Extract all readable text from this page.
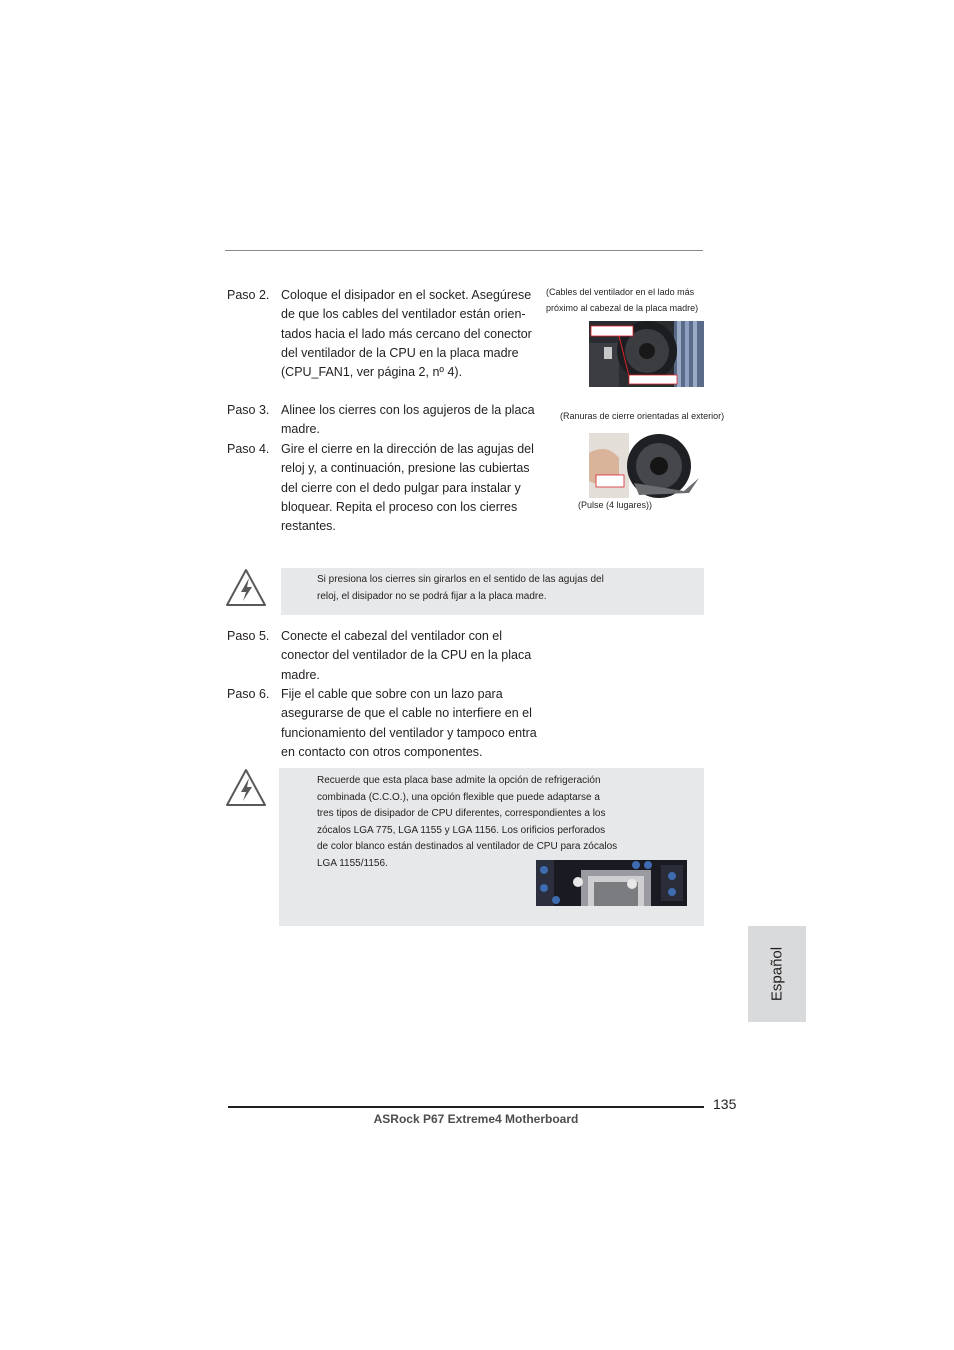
Paso 2. Coloque el disipador en el socket. Asegúrese
de que los cables del ventilador están orien-
tados hacia el lado más cercano del conector
del ventilador de la CPU en la placa madre
(CPU_FAN1, ver página 2, nº 4).
(Cables del ventilador en el lado más
próximo al cabezal de la placa madre)
Paso 3. Alinee los cierres con los agujeros de la placa
madre.
(Ranuras de cierre orientadas al exterior)
Paso 4. Gire el cierre en la dirección de las agujas del
reloj y, a continuación, presione las cubiertas
del cierre con el dedo pulgar para instalar y
bloquear. Repita el proceso con los cierres
restantes.
(Pulse (4 lugares))
Si presiona los cierres sin girarlos en el sentido de las agujas del
reloj, el disipador no se podrá fijar a la placa madre.
Paso 5. Conecte el cabezal del ventilador con el
conector del ventilador de la CPU en la placa
madre.
Paso 6. Fije el cable que sobre con un lazo para
asegurarse de que el cable no interfiere en el
funcionamiento del ventilador y tampoco entra
en contacto con otros componentes.
Recuerde que esta placa base admite la opción de refrigeración
combinada (C.C.O.), una opción flexible que puede adaptarse a
tres tipos de disipador de CPU diferentes, correspondientes a los
zócalos LGA 775, LGA 1155 y LGA 1156. Los orificios perforados
de color blanco están destinados al ventilador de CPU para zócalos
LGA 1155/1156.
Español
135
ASRock P67 Extreme4 Motherboard
